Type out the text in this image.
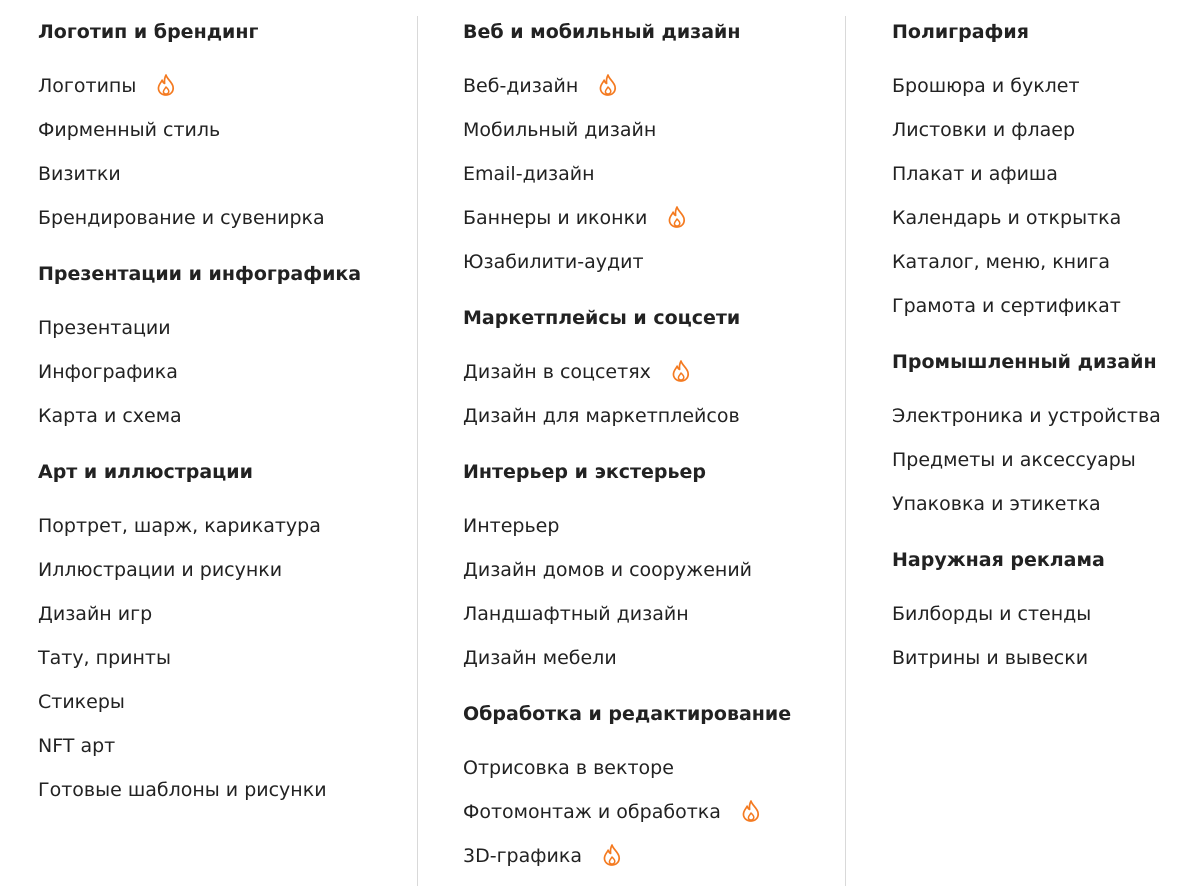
Логотип и брендинг
Логотипы
Фирменный стиль
Визитки
Брендирование и сувенирка
Презентации и инфографика
Презентации
Инфографика
Карта и схема
Арт и иллюстрации
Портрет, шарж, карикатура
Иллюстрации и рисунки
Дизайн игр
Тату, принты
Стикеры
NFT арт
Готовые шаблоны и рисунки
Веб и мобильный дизайн
Веб-дизайн
Мобильный дизайн
Email-дизайн
Баннеры и иконки
Юзабилити-аудит
Маркетплейсы и соцсети
Дизайн в соцсетях
Дизайн для маркетплейсов
Интерьер и экстерьер
Интерьер
Дизайн домов и сооружений
Ландшафтный дизайн
Дизайн мебели
Обработка и редактирование
Отрисовка в векторе
Фотомонтаж и обработка
3D-графика
Полиграфия
Брошюра и буклет
Листовки и флаер
Плакат и афиша
Календарь и открытка
Каталог, меню, книга
Грамота и сертификат
Промышленный дизайн
Электроника и устройства
Предметы и аксессуары
Упаковка и этикетка
Наружная реклама
Билборды и стенды
Витрины и вывески
